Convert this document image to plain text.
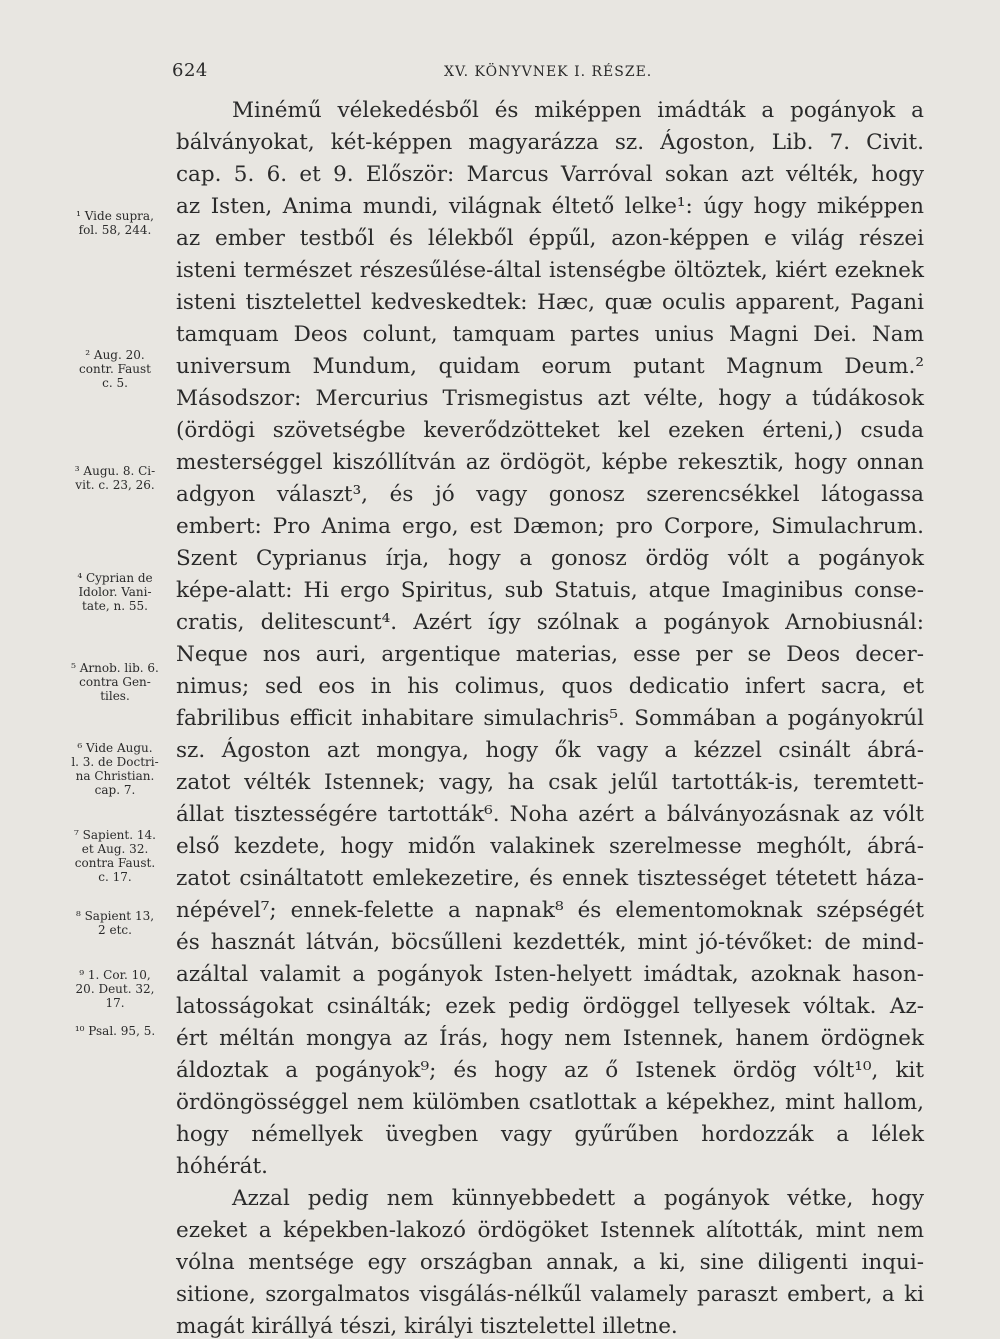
624	XV. KÖNYVNEK I. RÉSZE.
Minémű vélekedésből és miképpen imádták a pogányok a
bálványokat, két-képpen magyarázza sz. Ágoston, Lib. 7. Civit.
cap. 5. 6. et 9. Először: Marcus Varróval sokan azt vélték, hogy
az Isten, Anima mundi, világnak éltető lelke¹: úgy hogy miképpen
az ember testből és lélekből éppűl, azon-képpen e világ részei
isteni természet részesűlése-által istenségbe öltöztek, kiért ezeknek
isteni tisztelettel kedveskedtek: Hæc, quæ oculis apparent, Pagani
tamquam Deos colunt, tamquam partes unius Magni Dei. Nam
universum Mundum, quidam eorum putant Magnum Deum.²
Másodszor: Mercurius Trismegistus azt vélte, hogy a túdákosok
(ördögi szövetségbe keverődzötteket kel ezeken érteni,) csuda
mesterséggel kiszóllítván az ördögöt, képbe rekesztik, hogy onnan
adgyon választ³, és jó vagy gonosz szerencsékkel látogassa
embert: Pro Anima ergo, est Dæmon; pro Corpore, Simulachrum.
Szent Cyprianus írja, hogy a gonosz ördög vólt a pogányok
képe-alatt: Hi ergo Spiritus, sub Statuis, atque Imaginibus conse-
cratis, delitescunt⁴. Azért így szólnak a pogányok Arnobiusnál:
Neque nos auri, argentique materias, esse per se Deos decer-
nimus; sed eos in his colimus, quos dedicatio infert sacra, et
fabrilibus efficit inhabitare simulachris⁵. Sommában a pogányokrúl
sz. Ágoston azt mongya, hogy ők vagy a kézzel csinált ábrá-
zatot vélték Istennek; vagy, ha csak jelűl tartották-is, teremtett-
állat tisztességére tartották⁶. Noha azért a bálványozásnak az vólt
első kezdete, hogy midőn valakinek szerelmesse meghólt, ábrá-
zatot csináltatott emlekezetire, és ennek tisztességet tétetett háza-
népével⁷; ennek-felette a napnak⁸ és elementomoknak szépségét
és hasznát látván, böcsűlleni kezdették, mint jó-tévőket: de mind-
azáltal valamit a pogányok Isten-helyett imádtak, azoknak hason-
latosságokat csinálták; ezek pedig ördöggel tellyesek vóltak. Az-
ért méltán mongya az Írás, hogy nem Istennek, hanem ördögnek
áldoztak a pogányok⁹; és hogy az ő Istenek ördög vólt¹⁰, kit
ördöngösséggel nem külömben csatlottak a képekhez, mint hallom,
hogy némellyek üvegben vagy gyűrűben hordozzák a lélek
hóhérát.
Azzal pedig nem künnyebbedett a pogányok vétke, hogy
ezeket a képekben-lakozó ördögöket Istennek alították, mint nem
vólna mentsége egy országban annak, a ki, sine diligenti inqui-
sitione, szorgalmatos visgálás-nélkűl valamely paraszt embert, a ki
magát királlyá tészi, királyi tisztelettel illetne.
¹ Vide supra,
fol. 58, 244.
² Aug. 20.
contr. Faust
c. 5.
³ Augu. 8. Ci-
vit. c. 23, 26.
⁴ Cyprian de
Idolor. Vani-
tate, n. 55.
⁵ Arnob. lib. 6.
contra Gen-
tiles.
⁶ Vide Augu.
l. 3. de Doctri-
na Christian.
cap. 7.
⁷ Sapient. 14.
et Aug. 32.
contra Faust.
c. 17.
⁸ Sapient 13,
2 etc.
⁹ 1. Cor. 10,
20. Deut. 32,
17.
¹⁰ Psal. 95, 5.
